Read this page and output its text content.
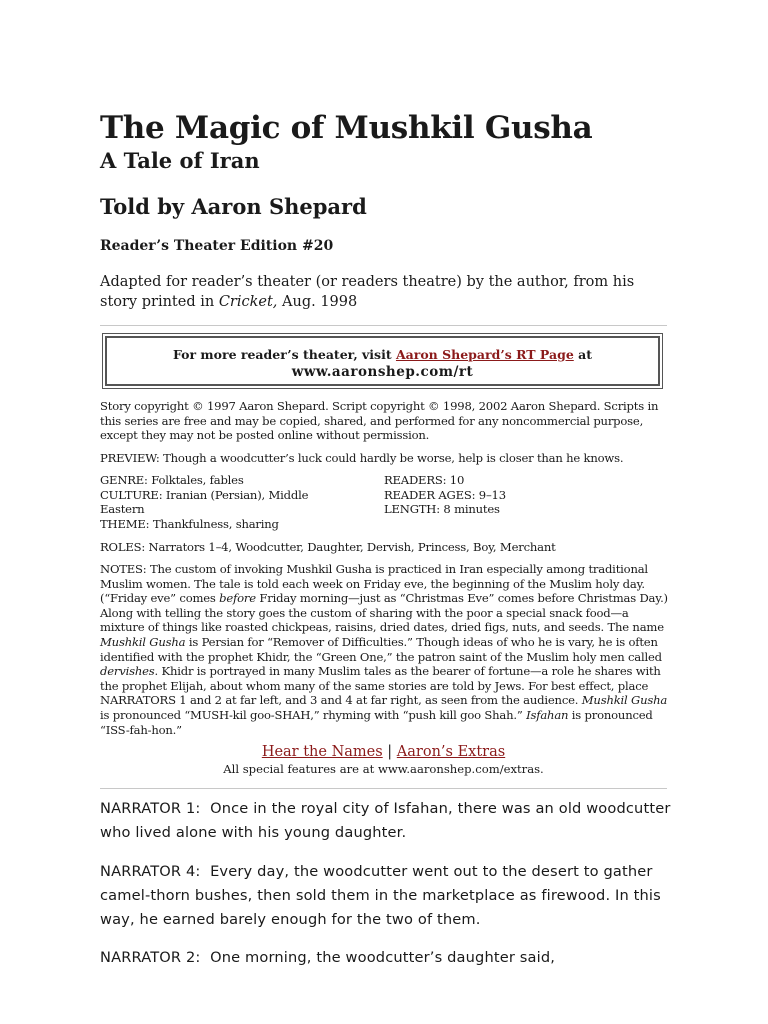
The Magic of Mushkil Gusha
A Tale of Iran
Told by Aaron Shepard
Reader’s Theater Edition #20
Adapted for reader’s theater (or readers theatre) by the author, from his story printed in Cricket, Aug. 1998
For more reader’s theater, visit Aaron Shepard’s RT Page at
www.aaronshep.com/rt
Story copyright © 1997 Aaron Shepard. Script copyright © 1998, 2002 Aaron Shepard. Scripts in this series are free and may be copied, shared, and performed for any noncommercial purpose, except they may not be posted online without permission.
PREVIEW: Though a woodcutter’s luck could hardly be worse, help is closer than he knows.
GENRE: Folktales, fables
CULTURE: Iranian (Persian), Middle Eastern
THEME: Thankfulness, sharing
READERS: 10
READER AGES: 9–13
LENGTH: 8 minutes
ROLES: Narrators 1–4, Woodcutter, Daughter, Dervish, Princess, Boy, Merchant
NOTES: The custom of invoking Mushkil Gusha is practiced in Iran especially among traditional Muslim women. The tale is told each week on Friday eve, the beginning of the Muslim holy day. (“Friday eve” comes before Friday morning—just as “Christmas Eve” comes before Christmas Day.) Along with telling the story goes the custom of sharing with the poor a special snack food—a mixture of things like roasted chickpeas, raisins, dried dates, dried figs, nuts, and seeds. The name Mushkil Gusha is Persian for “Remover of Difficulties.” Though ideas of who he is vary, he is often identified with the prophet Khidr, the “Green One,” the patron saint of the Muslim holy men called dervishes. Khidr is portrayed in many Muslim tales as the bearer of fortune—a role he shares with the prophet Elijah, about whom many of the same stories are told by Jews. For best effect, place NARRATORS 1 and 2 at far left, and 3 and 4 at far right, as seen from the audience. Mushkil Gusha is pronounced “MUSH-kil goo-SHAH,” rhyming with “push kill goo Shah.” Isfahan is pronounced “ISS-fah-hon.”
Hear the Names | Aaron’s Extras
All special features are at www.aaronshep.com/extras.
NARRATOR 1: Once in the royal city of Isfahan, there was an old woodcutter who lived alone with his young daughter.
NARRATOR 4: Every day, the woodcutter went out to the desert to gather camel-thorn bushes, then sold them in the marketplace as firewood. In this way, he earned barely enough for the two of them.
NARRATOR 2: One morning, the woodcutter’s daughter said,
